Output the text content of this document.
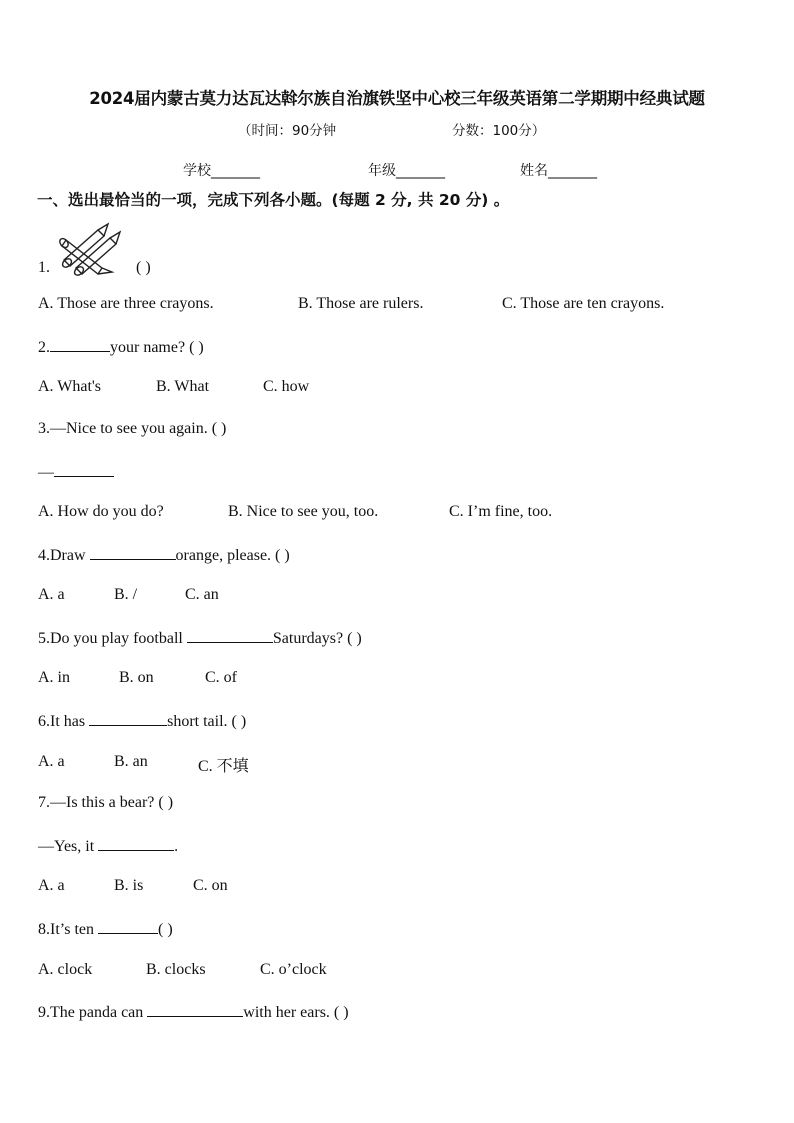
2024届内蒙古莫力达瓦达斡尔族自治旗铁坚中心校三年级英语第二学期期中经典试题
（时间：90分钟	分数：100分）
学校_______	年级_______	姓名_______
一、选出最恰当的一项，完成下列各小题。(每题 2 分, 共 20 分) 。
1.	( )
A. Those are three crayons.	B. Those are rulers.	C. Those are ten crayons.
2.	your name? ( )
A. What's	B. What	C. how
3.—Nice to see you again. ( )
—
A. How do you do?	B. Nice to see you, too.	C. I’m fine, too.
4.Draw	orange, please. ( )
A. a	B. /	C. an
5.Do you play football	Saturdays? ( )
A. in	B. on	C. of
6.It has	short tail. ( )
A. a	B. an	C. 不填
7.—Is this a bear? ( )
—Yes, it	.
A. a	B. is	C. on
8.It’s ten	( )
A. clock	B. clocks	C. o’clock
9.The panda can	with her ears. ( )
